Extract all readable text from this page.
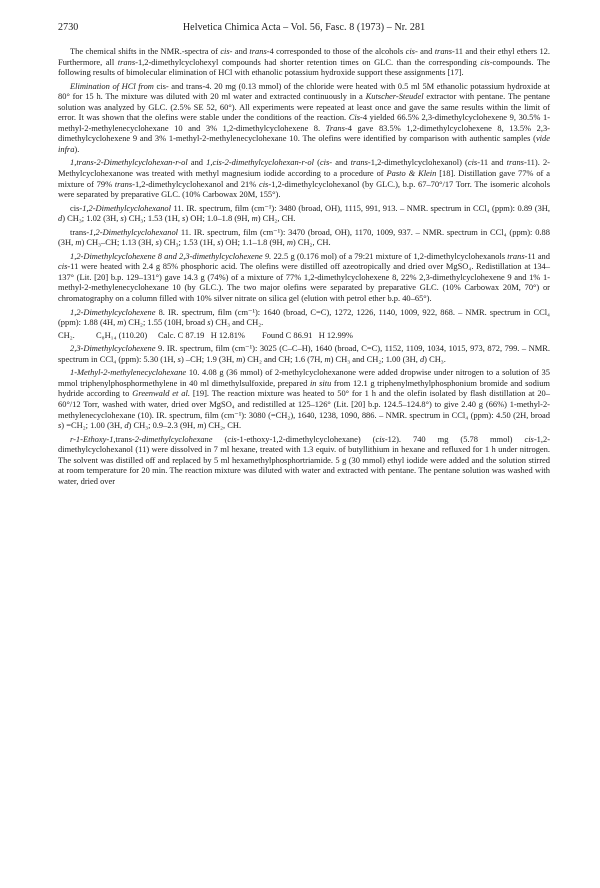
2730	Helvetica Chimica Acta – Vol. 56, Fasc. 8 (1973) – Nr. 281

The chemical shifts in the NMR.-spectra of cis- and trans-4 corresponded to those of the alcohols cis- and trans-11 and their ethyl ethers 12. Furthermore, all trans-1,2-dimethylcyclohexyl compounds had shorter retention times on GLC. than the corresponding cis-compounds. The following results of bimolecular elimination of HCl with ethanolic potassium hydroxide support these assignments [17].

Elimination of HCl from cis- and trans-4. 20 mg (0.13 mmol) of the chloride were heated with 0.5 ml 5M ethanolic potassium hydroxide at 80° for 15 h. The mixture was diluted with 20 ml water and extracted continuously in a Kutscher-Steudel extractor with pentane. The pentane solution was analyzed by GLC. (2.5% SE 52, 60°). All experiments were repeated at least once and gave the same results within the limit of error. It was shown that the olefins were stable under the conditions of the reaction. Cis-4 yielded 66.5% 2,3-dimethylcyclohexene 9, 30.5% 1-methyl-2-methylenecyclohexane 10 and 3% 1,2-dimethylcyclohexene 8. Trans-4 gave 83.5% 1,2-dimethylcyclohexene 8, 13.5% 2,3-dimethylcyclohexene 9 and 3% 1-methyl-2-methylenecyclohexane 10. The olefins were identified by comparison with authentic samples (vide infra).

1,trans-2-Dimethylcyclohexan-r-ol and 1,cis-2-dimethylcyclohexan-r-ol (cis- and trans-1,2-dimethylcyclohexanol) (cis-11 and trans-11). 2-Methylcyclohexanone was treated with methyl magnesium iodide according to a procedure of Pasto & Klein [18]. Distillation gave 77% of a mixture of 79% trans-1,2-dimethylcyclohexanol and 21% cis-1,2-dimethylcyclohexanol (by GLC.), b.p. 67–70°/17 Torr. The isomeric alcohols were separated by preparative GLC. (10% Carbowax 20M, 155°).

cis-1,2-Dimethylcyclohexanol 11. IR. spectrum, film (cm⁻¹): 3480 (broad, OH), 1115, 991, 913. – NMR. spectrum in CCl₄ (ppm): 0.89 (3H, d) CH₃; 1.02 (3H, s) CH₃; 1.53 (1H, s) OH; 1.0–1.8 (9H, m) CH₂, CH.

trans-1,2-Dimethylcyclohexanol 11. IR. spectrum, film (cm⁻¹): 3470 (broad, OH), 1170, 1009, 937. – NMR. spectrum in CCl₄ (ppm): 0.88 (3H, m) CH₃–CH; 1.13 (3H, s) CH₃; 1.53 (1H, s) OH; 1.1–1.8 (9H, m) CH₂, CH.

1,2-Dimethylcyclohexene 8 and 2,3-dimethylcyclohexene 9. 22.5 g (0.176 mol) of a 79:21 mixture of 1,2-dimethylcyclohexanols trans-11 and cis-11 were heated with 2.4 g 85% phosphoric acid. The olefins were distilled off azeotropically and dried over MgSO₄. Redistillation at 134–137° (Lit. [20] b.p. 129–131°) gave 14.3 g (74%) of a mixture of 77% 1,2-dimethylcyclohexene 8, 22% 2,3-dimethylcyclohexene 9 and 1% 1-methyl-2-methylenecyclohexane 10 (by GLC.). The two major olefins were separated by preparative GLC. (10% Carbowax 20M, 70°) or chromatography on a column filled with 10% silver nitrate on silica gel (elution with petrol ether b.p. 40–65°).

1,2-Dimethylcyclohexene 8. IR. spectrum, film (cm⁻¹): 1640 (broad, C=C), 1272, 1226, 1140, 1009, 922, 868. – NMR. spectrum in CCl₄ (ppm): 1.88 (4H, m) CH₂; 1.55 (10H, broad s) CH₃ and CH₂.

CH₂.	C₈H₁₄ (110.20) Calc. C 87.19   H 12.81% Found C 86.91   H 12.99%

2,3-Dimethylcyclohexene 9. IR. spectrum, film (cm⁻¹): 3025 (C–C–H), 1640 (broad, C=C), 1152, 1109, 1034, 1015, 973, 872, 799. – NMR. spectrum in CCl₄ (ppm): 5.30 (1H, s) –CH; 1.9 (3H, m) CH₂ and CH; 1.6 (7H, m) CH₃ and CH₂; 1.00 (3H, d) CH₃.

1-Methyl-2-methylenecyclohexane 10. 4.08 g (36 mmol) of 2-methylcyclohexanone were added dropwise under nitrogen to a solution of 35 mmol triphenylphosphormethylene in 40 ml dimethylsulfoxide, prepared in situ from 12.1 g triphenylmethylphosphonium bromide and sodium hydride according to Greenwald et al. [19]. The reaction mixture was heated to 50° for 1 h and the olefin isolated by flash distillation at 20–60°/12 Torr, washed with water, dried over MgSO₄ and redistilled at 125–126° (Lit. [20] b.p. 124.5–124.8°) to give 2.40 g (66%) 1-methyl-2-methylenecyclohexane (10). IR. spectrum, film (cm⁻¹): 3080 (=CH₂), 1640, 1238, 1090, 886. – NMR. spectrum in CCl₄ (ppm): 4.50 (2H, broad s) =CH₂; 1.00 (3H, d) CH₃; 0.9–2.3 (9H, m) CH₂, CH.

r-1-Ethoxy-1,trans-2-dimethylcyclohexane (cis-1-ethoxy-1,2-dimethylcyclohexane) (cis-12). 740 mg (5.78 mmol) cis-1,2-dimethylcyclohexanol (11) were dissolved in 7 ml hexane, treated with 1.3 equiv. of butyllithium in hexane and refluxed for 1 h under nitrogen. The solvent was distilled off and replaced by 5 ml hexamethylphosphortriamide. 5 g (30 mmol) ethyl iodide were added and the solution stirred at room temperature for 20 min. The reaction mixture was diluted with water and extracted with pentane. The pentane solution was washed with water, dried over
